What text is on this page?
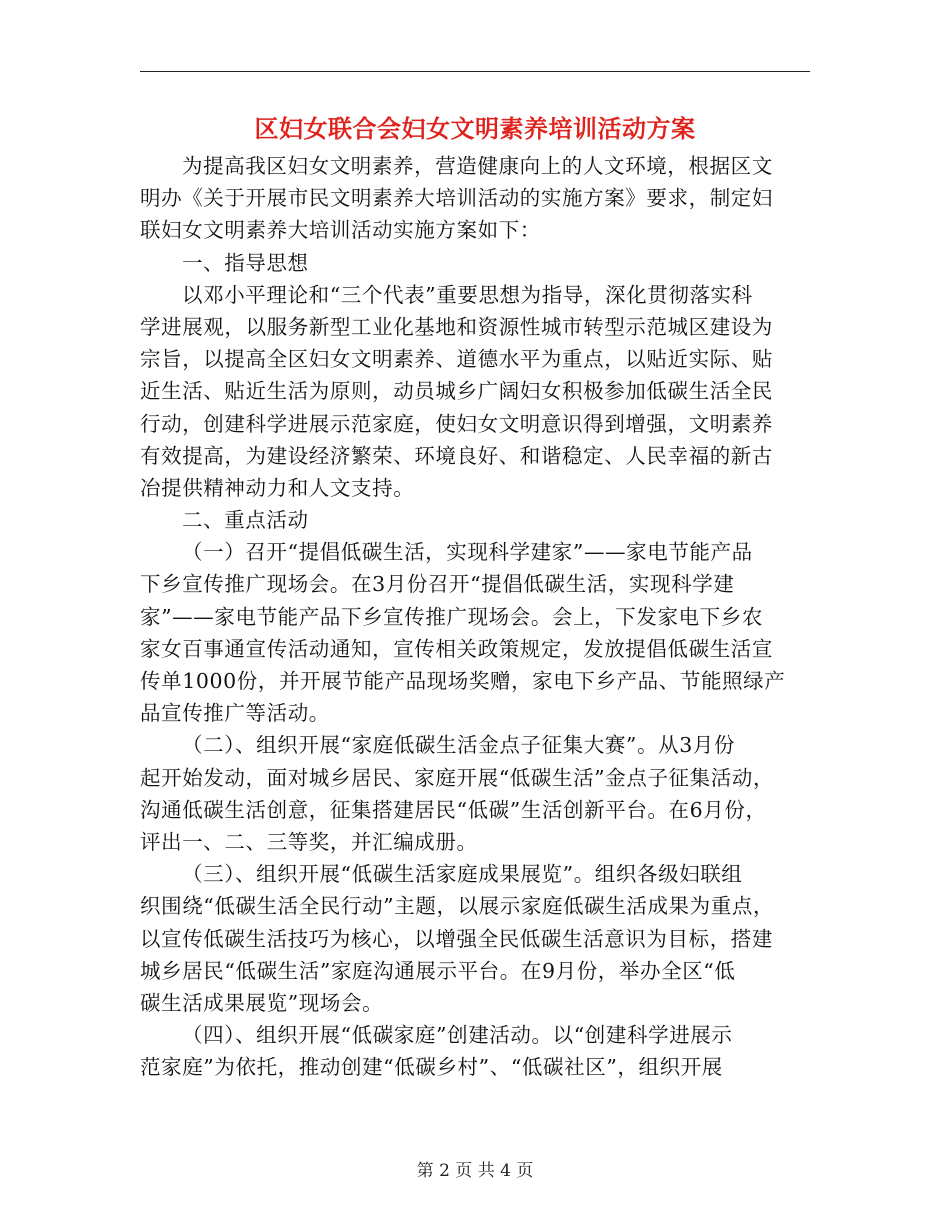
区妇女联合会妇女文明素养培训活动方案
为提高我区妇女文明素养，营造健康向上的人文环境，根据区文
明办《关于开展市民文明素养大培训活动的实施方案》要求，制定妇
联妇女文明素养大培训活动实施方案如下：
一、指导思想
以邓小平理论和“三个代表”重要思想为指导，深化贯彻落实科
学进展观，以服务新型工业化基地和资源性城市转型示范城区建设为
宗旨，以提高全区妇女文明素养、道德水平为重点，以贴近实际、贴
近生活、贴近生活为原则，动员城乡广阔妇女积极参加低碳生活全民
行动，创建科学进展示范家庭，使妇女文明意识得到增强，文明素养
有效提高，为建设经济繁荣、环境良好、和谐稳定、人民幸福的新古
冶提供精神动力和人文支持。
二、重点活动
（一）召开“提倡低碳生活，实现科学建家”——家电节能产品
下乡宣传推广现场会。在3月份召开“提倡低碳生活，实现科学建
家”——家电节能产品下乡宣传推广现场会。会上，下发家电下乡农
家女百事通宣传活动通知，宣传相关政策规定，发放提倡低碳生活宣
传单1000份，并开展节能产品现场奖赠，家电下乡产品、节能照绿产
品宣传推广等活动。
（二）、组织开展“家庭低碳生活金点子征集大赛”。从3月份
起开始发动，面对城乡居民、家庭开展“低碳生活”金点子征集活动，
沟通低碳生活创意，征集搭建居民“低碳”生活创新平台。在6月份，
评出一、二、三等奖，并汇编成册。
（三）、组织开展“低碳生活家庭成果展览”。组织各级妇联组
织围绕“低碳生活全民行动”主题，以展示家庭低碳生活成果为重点，
以宣传低碳生活技巧为核心，以增强全民低碳生活意识为目标，搭建
城乡居民“低碳生活”家庭沟通展示平台。在9月份，举办全区“低
碳生活成果展览”现场会。
（四）、组织开展“低碳家庭”创建活动。以“创建科学进展示
范家庭”为依托，推动创建“低碳乡村”、“低碳社区”，组织开展
第 2 页 共 4 页
